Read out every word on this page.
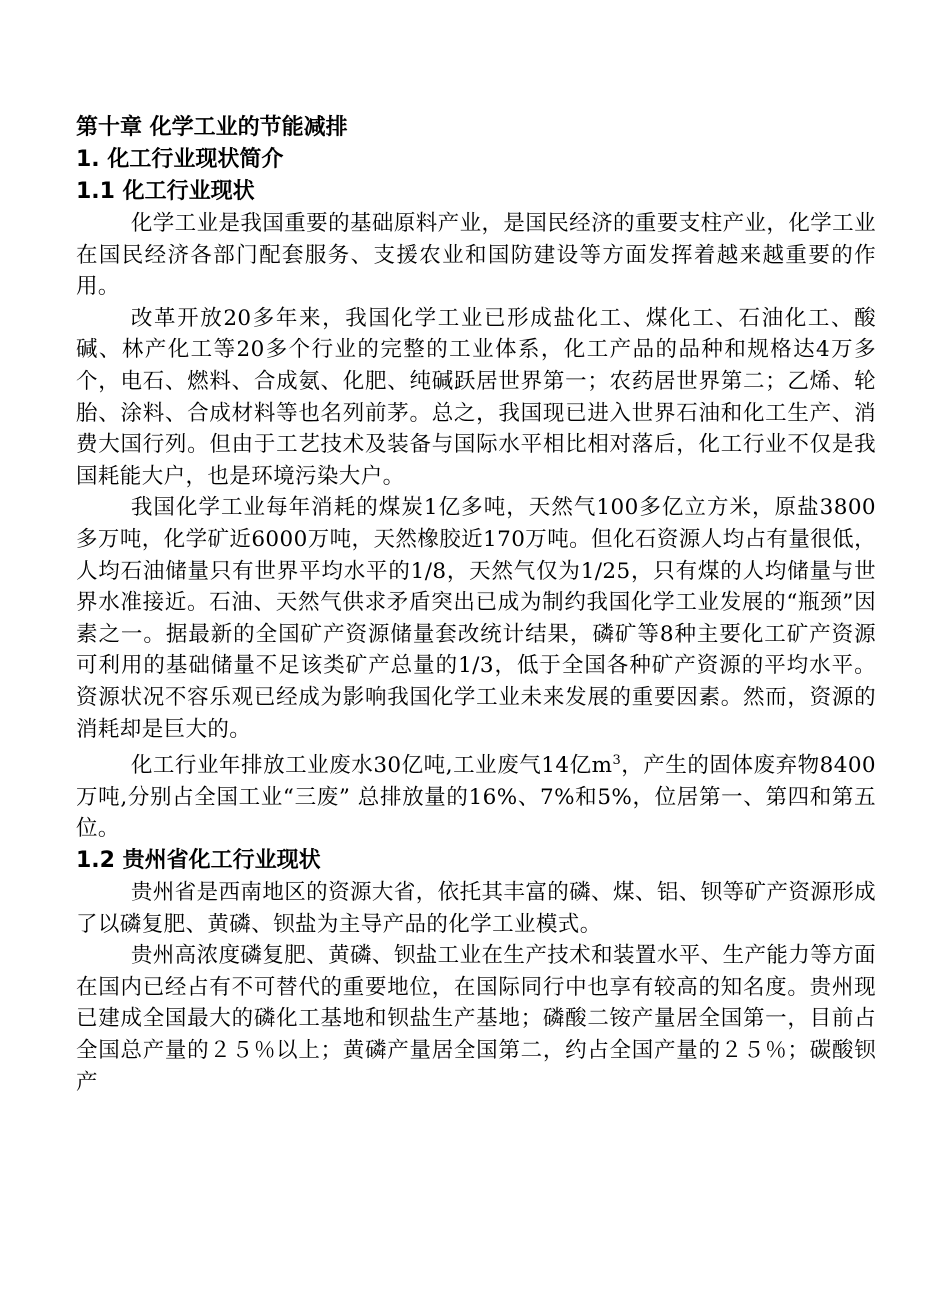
第十章 化学工业的节能减排
1. 化工行业现状简介
1.1 化工行业现状

化学工业是我国重要的基础原料产业，是国民经济的重要支柱产业，化学工业在国民经济各部门配套服务、支援农业和国防建设等方面发挥着越来越重要的作用。

改革开放20多年来，我国化学工业已形成盐化工、煤化工、石油化工、酸碱、林产化工等20多个行业的完整的工业体系，化工产品的品种和规格达4万多个，电石、燃料、合成氨、化肥、纯碱跃居世界第一；农药居世界第二；乙烯、轮胎、涂料、合成材料等也名列前茅。总之，我国现已进入世界石油和化工生产、消费大国行列。但由于工艺技术及装备与国际水平相比相对落后，化工行业不仅是我国耗能大户，也是环境污染大户。

我国化学工业每年消耗的煤炭1亿多吨，天然气100多亿立方米，原盐3800多万吨，化学矿近6000万吨，天然橡胶近170万吨。但化石资源人均占有量很低，人均石油储量只有世界平均水平的1/8，天然气仅为1/25，只有煤的人均储量与世界水准接近。石油、天然气供求矛盾突出已成为制约我国化学工业发展的“瓶颈”因素之一。据最新的全国矿产资源储量套改统计结果，磷矿等8种主要化工矿产资源可利用的基础储量不足该类矿产总量的1/3，低于全国各种矿产资源的平均水平。资源状况不容乐观已经成为影响我国化学工业未来发展的重要因素。然而，资源的消耗却是巨大的。

化工行业年排放工业废水30亿吨,工业废气14亿$m^3$，产生的固体废弃物8400万吨,分别占全国工业“三废” 总排放量的16%、7%和5%，位居第一、第四和第五位。

1.2 贵州省化工行业现状

贵州省是西南地区的资源大省，依托其丰富的磷、煤、铝、钡等矿产资源形成了以磷复肥、黄磷、钡盐为主导产品的化学工业模式。

贵州高浓度磷复肥、黄磷、钡盐工业在生产技术和装置水平、生产能力等方面在国内已经占有不可替代的重要地位，在国际同行中也享有较高的知名度。贵州现已建成全国最大的磷化工基地和钡盐生产基地；磷酸二铵产量居全国第一，目前占全国总产量的２５％以上；黄磷产量居全国第二，约占全国产量的２５％；碳酸钡产
